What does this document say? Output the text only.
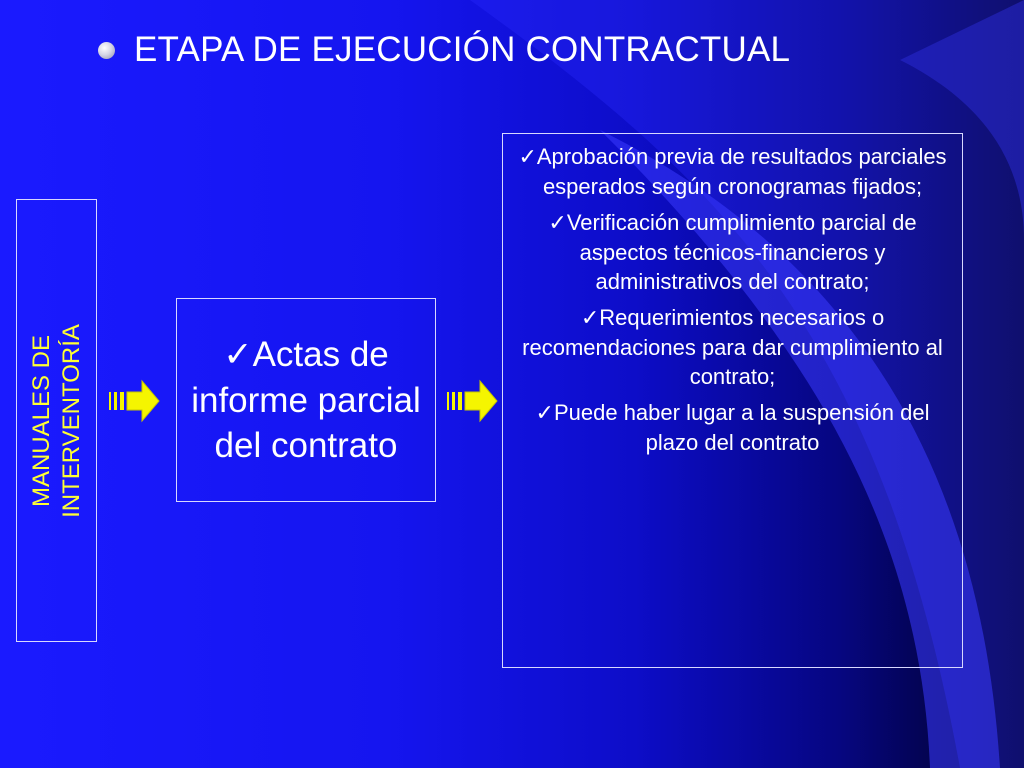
ETAPA DE EJECUCIÓN CONTRACTUAL
MANUALES DE INTERVENTORÍA	✓Actas de informe parcial del contrato
✓Aprobación previa de resultados parciales esperados según cronogramas fijados;
✓Verificación cumplimiento parcial de aspectos técnicos-financieros y administrativos del contrato;
✓Requerimientos necesarios o recomendaciones para dar cumplimiento al contrato;
✓Puede haber lugar a la suspensión del plazo del contrato
